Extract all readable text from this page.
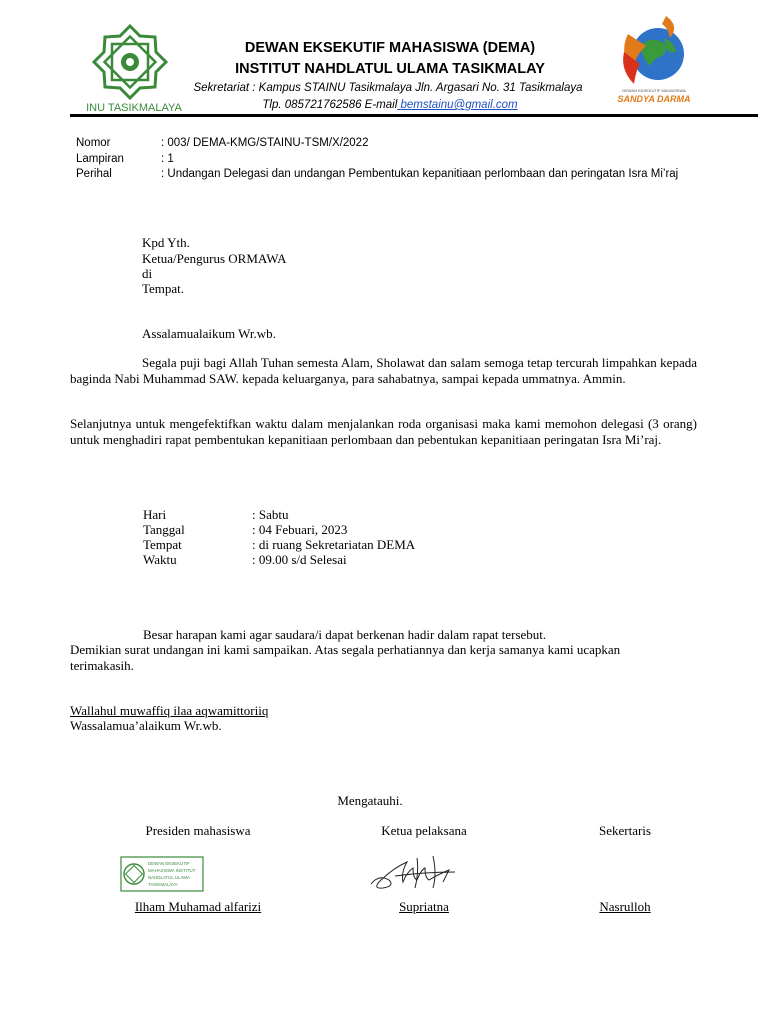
INU TASIKMALAYA
DEWAN EKSEKUTIF MAHASISWA (DEMA)
INSTITUT NAHDLATUL ULAMA TASIKMALAY
Sekretariat : Kampus STAINU Tasikmalaya Jln. Argasari No. 31 Tasikmalaya
Tlp. 085721762586 E-mail bemstainu@gmail.com
DEWAN EKSEKUTIF MAHASISWA
SANDYA DARMA
Nomor	: 003/ DEMA-KMG/STAINU-TSM/X/2022
Lampiran	: 1
Perihal	: Undangan Delegasi dan undangan Pembentukan kepanitiaan perlombaan dan peringatan Isra Mi’raj
Kpd Yth.
Ketua/Pengurus ORMAWA
di
Tempat.
Assalamualaikum Wr.wb.
Segala puji bagi Allah Tuhan semesta Alam, Sholawat dan salam semoga tetap tercurah limpahkan kepada baginda Nabi Muhammad SAW. kepada keluarganya, para sahabatnya, sampai kepada ummatnya. Ammin.
Selanjutnya untuk mengefektifkan waktu dalam menjalankan roda organisasi maka kami memohon delegasi (3 orang) untuk menghadiri rapat pembentukan kepanitiaan perlombaan dan pebentukan kepanitiaan peringatan Isra Mi’raj.
Hari	: Sabtu
Tanggal	: 04 Febuari, 2023
Tempat	: di ruang Sekretariatan DEMA
Waktu	: 09.00 s/d Selesai
Besar harapan kami agar saudara/i dapat berkenan hadir dalam rapat tersebut.
Demikian surat undangan ini kami sampaikan. Atas segala perhatiannya dan kerja samanya kami ucapkan terimakasih.
Wallahul muwaffiq ilaa aqwamittoriiq
Wassalamua’alaikum Wr.wb.
Mengatauhi.
Presiden mahasiswa	Ketua pelaksana	Sekertaris
DEWAN EKSEKUTIF
MAHASISWA INSTITUT
NAHDLATUL ULAMA
TASIKMALAYA
Ilham Muhamad alfarizi	Supriatna	Nasrulloh
